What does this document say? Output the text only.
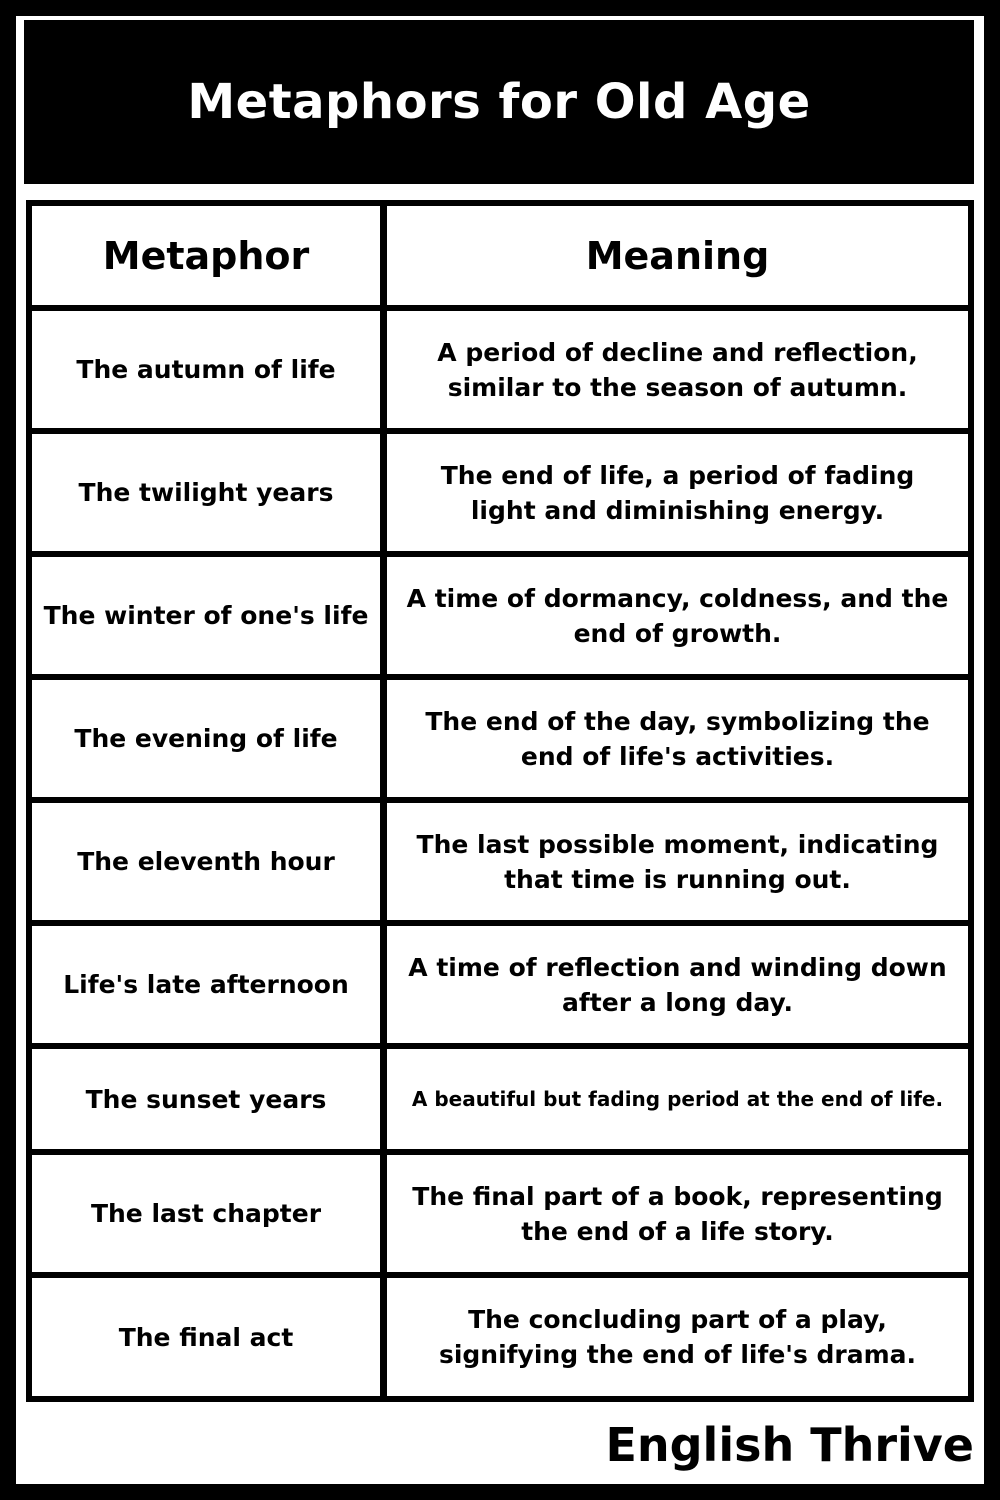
Metaphors for Old Age
Metaphor	Meaning
The autumn of life
A period of decline and reflection, similar to the season of autumn.
The twilight years
The end of life, a period of fading light and diminishing energy.
The winter of one's life
A time of dormancy, coldness, and the end of growth.
The evening of life
The end of the day, symbolizing the end of life's activities.
The eleventh hour
The last possible moment, indicating that time is running out.
Life's late afternoon
A time of reflection and winding down after a long day.
The sunset years	A beautiful but fading period at the end of life.
The last chapter
The final part of a book, representing the end of a life story.
The final act
The concluding part of a play, signifying the end of life's drama.
English Thrive
